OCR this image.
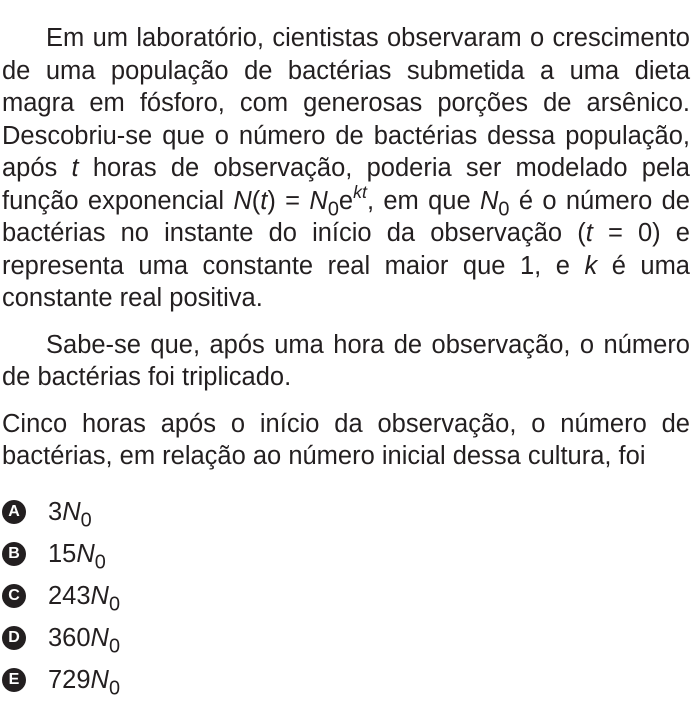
Em um laboratório, cientistas observaram o crescimento de uma população de bactérias submetida a uma dieta magra em fósforo, com generosas porções de arsênico. Descobriu-se que o número de bactérias dessa população, após t horas de observação, poderia ser modelado pela função exponencial $N(t) = N_0e^{kt}$, em que $N_0$ é o número de bactérias no instante do início da observação (t = 0) e representa uma constante real maior que 1, e k é uma constante real positiva.

Sabe-se que, após uma hora de observação, o número de bactérias foi triplicado.

Cinco horas após o início da observação, o número de bactérias, em relação ao número inicial dessa cultura, foi

A $3N_0$
B $15N_0$
C $243N_0$
D $360N_0$
E $729N_0$
